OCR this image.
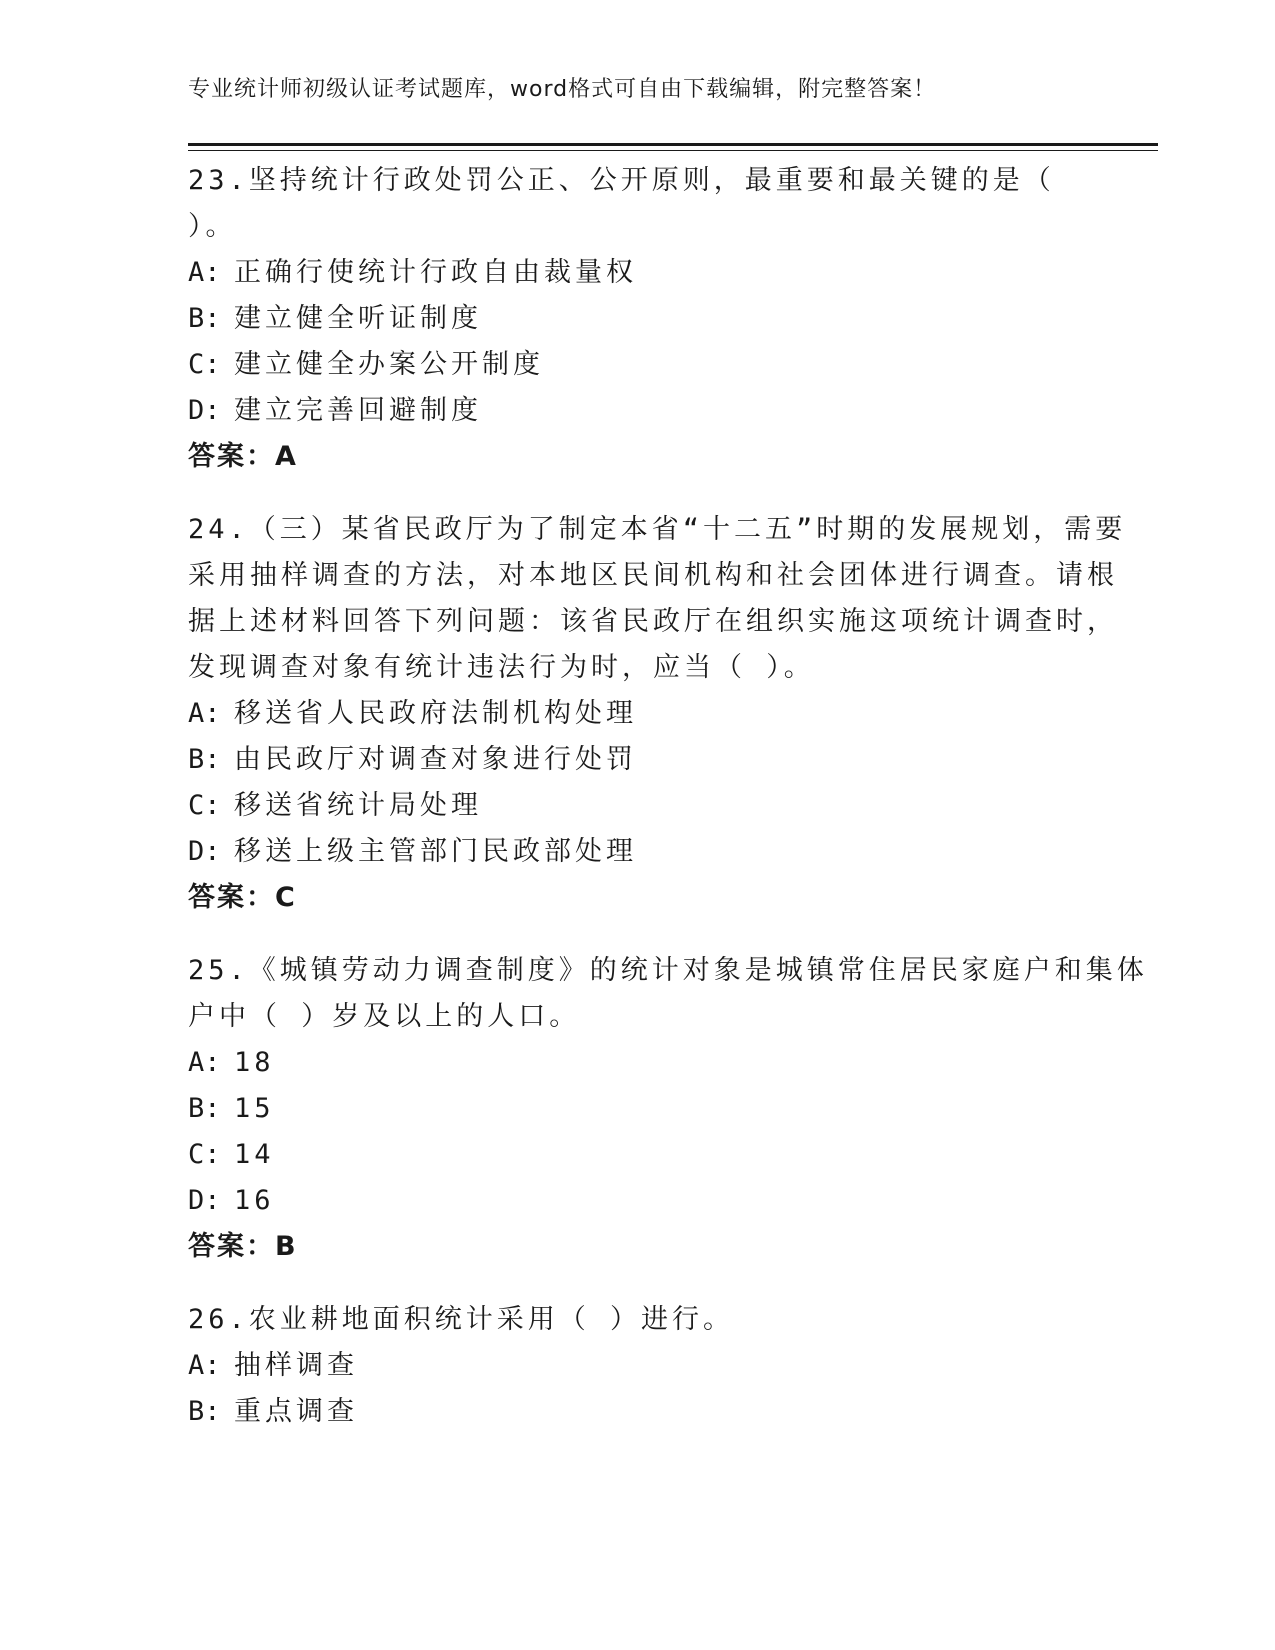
专业统计师初级认证考试题库，word格式可自由下载编辑，附完整答案！
23.坚持统计行政处罚公正、公开原则，最重要和最关键的是（
）。
A: 正确行使统计行政自由裁量权
B: 建立健全听证制度
C: 建立健全办案公开制度
D: 建立完善回避制度
答案：A
24.（三）某省民政厅为了制定本省“十二五”时期的发展规划，需要
采用抽样调查的方法，对本地区民间机构和社会团体进行调查。请根
据上述材料回答下列问题：该省民政厅在组织实施这项统计调查时，
发现调查对象有统计违法行为时，应当（ ）。
A: 移送省人民政府法制机构处理
B: 由民政厅对调查对象进行处罚
C: 移送省统计局处理
D: 移送上级主管部门民政部处理
答案：C
25.《城镇劳动力调查制度》的统计对象是城镇常住居民家庭户和集体
户中（ ）岁及以上的人口。
A: 18
B: 15
C: 14
D: 16
答案：B
26.农业耕地面积统计采用（ ）进行。
A: 抽样调查
B: 重点调查
